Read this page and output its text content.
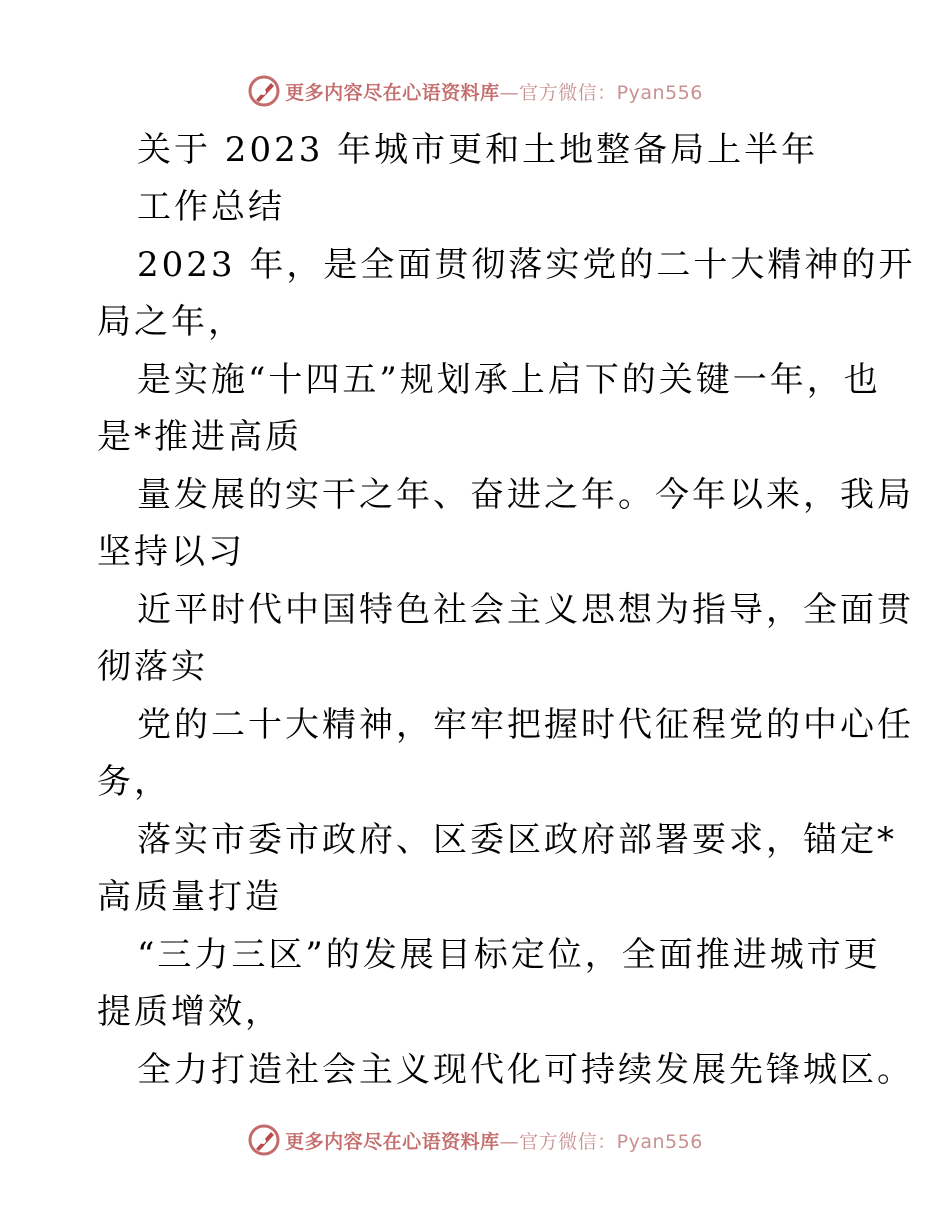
更多内容尽在心语资料库—官方微信：Pyan556
关于 2023 年城市更和土地整备局上半年
工作总结
2023 年，是全面贯彻落实党的二十大精神的开
局之年，
是实施“十四五”规划承上启下的关键一年，也
是*推进高质
量发展的实干之年、奋进之年。今年以来，我局
坚持以习
近平时代中国特色社会主义思想为指导，全面贯
彻落实
党的二十大精神，牢牢把握时代征程党的中心任
务，
落实市委市政府、区委区政府部署要求，锚定*
高质量打造
“三力三区”的发展目标定位，全面推进城市更
提质增效，
全力打造社会主义现代化可持续发展先锋城区。
更多内容尽在心语资料库—官方微信：Pyan556
